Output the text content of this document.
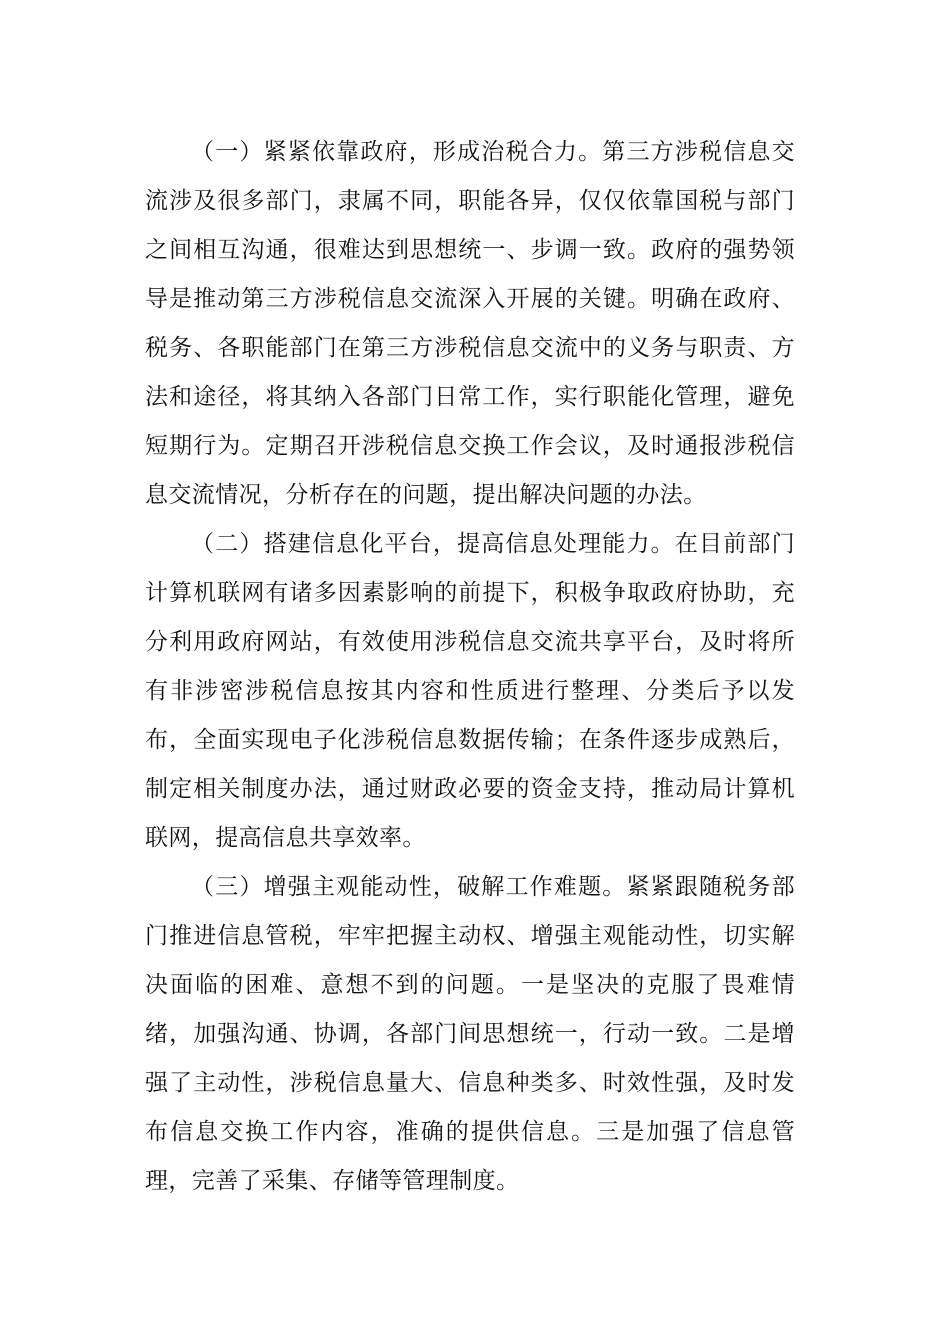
（一）紧紧依靠政府，形成治税合力。第三方涉税信息交流涉及很多部门，隶属不同，职能各异，仅仅依靠国税与部门之间相互沟通，很难达到思想统一、步调一致。政府的强势领导是推动第三方涉税信息交流深入开展的关键。明确在政府、税务、各职能部门在第三方涉税信息交流中的义务与职责、方法和途径，将其纳入各部门日常工作，实行职能化管理，避免短期行为。定期召开涉税信息交换工作会议，及时通报涉税信息交流情况，分析存在的问题，提出解决问题的办法。

（二）搭建信息化平台，提高信息处理能力。在目前部门计算机联网有诸多因素影响的前提下，积极争取政府协助，充分利用政府网站，有效使用涉税信息交流共享平台，及时将所有非涉密涉税信息按其内容和性质进行整理、分类后予以发布，全面实现电子化涉税信息数据传输；在条件逐步成熟后，制定相关制度办法，通过财政必要的资金支持，推动局计算机联网，提高信息共享效率。

（三）增强主观能动性，破解工作难题。紧紧跟随税务部门推进信息管税，牢牢把握主动权、增强主观能动性，切实解决面临的困难、意想不到的问题。一是坚决的克服了畏难情绪，加强沟通、协调，各部门间思想统一，行动一致。二是增强了主动性，涉税信息量大、信息种类多、时效性强，及时发布信息交换工作内容，准确的提供信息。三是加强了信息管理，完善了采集、存储等管理制度。
